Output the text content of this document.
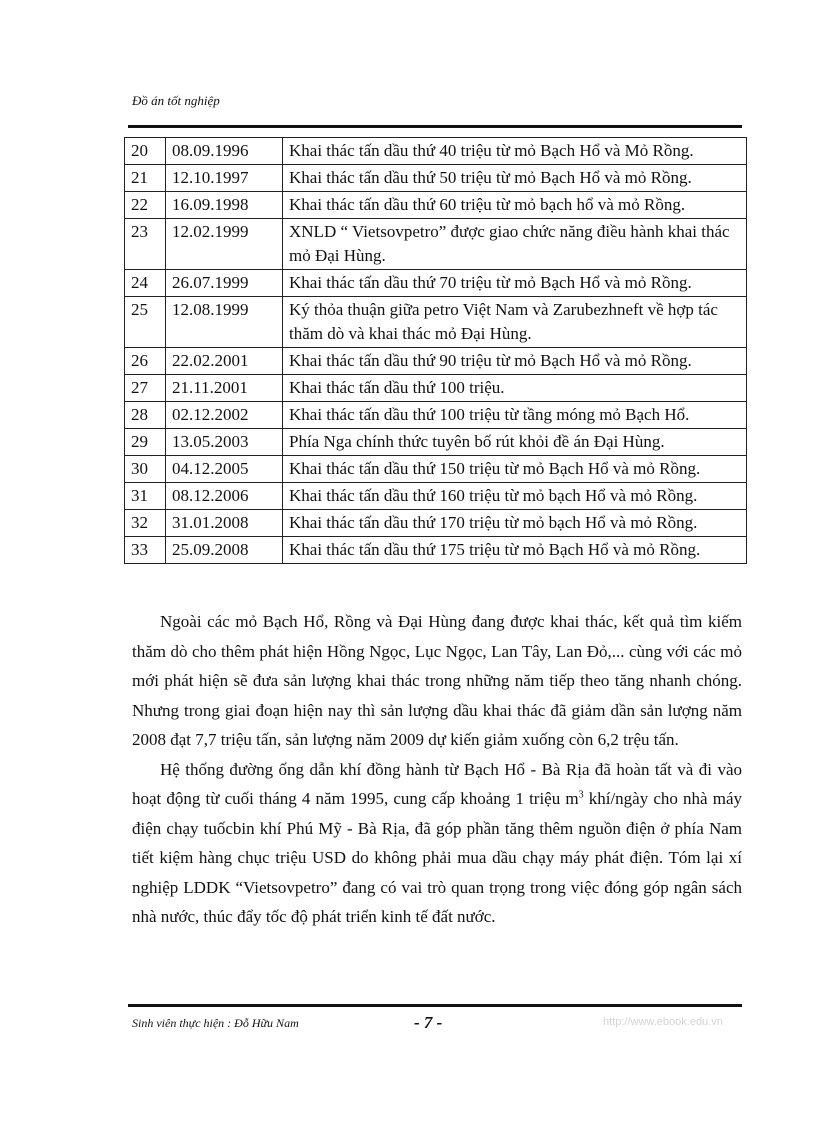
Đồ án tốt nghiệp
20	08.09.1996	Khai thác tấn dầu thứ 40 triệu từ mỏ Bạch Hổ và Mỏ Rồng.
21	12.10.1997	Khai thác tấn dầu thứ 50 triệu từ mỏ Bạch Hổ và mỏ Rồng.
22	16.09.1998	Khai thác tấn dầu thứ 60 triệu từ mỏ bạch hổ và mỏ Rồng.
23	12.02.1999	XNLD “ Vietsovpetro” được giao chức năng điều hành khai thác mỏ Đại Hùng.
24	26.07.1999	Khai thác tấn dầu thứ 70 triệu từ mỏ Bạch Hổ và mỏ Rồng.
25	12.08.1999	Ký thỏa thuận giữa petro Việt Nam và Zarubezhneft về hợp tác thăm dò và khai thác mỏ Đại Hùng.
26	22.02.2001	Khai thác tấn dầu thứ 90 triệu từ mỏ Bạch Hổ và mỏ Rồng.
27	21.11.2001	Khai thác tấn dầu thứ 100 triệu.
28	02.12.2002	Khai thác tấn dầu thứ 100 triệu từ tầng móng mỏ Bạch Hổ.
29	13.05.2003	Phía Nga chính thức tuyên bố rút khỏi đề án Đại Hùng.
30	04.12.2005	Khai thác tấn dầu thứ 150 triệu từ mỏ Bạch Hổ và mỏ Rồng.
31	08.12.2006	Khai thác tấn dầu thứ 160 triệu từ mỏ bạch Hổ và mỏ Rồng.
32	31.01.2008	Khai thác tấn dầu thứ 170 triệu từ mỏ bạch Hổ và mỏ Rồng.
33	25.09.2008	Khai thác tấn dầu thứ 175 triệu từ mỏ Bạch Hổ và mỏ Rồng.

Ngoài các mỏ Bạch Hổ, Rồng và Đại Hùng đang được khai thác, kết quả tìm kiếm thăm dò cho thêm phát hiện Hồng Ngọc, Lục Ngọc, Lan Tây, Lan Đỏ,... cùng với các mỏ mới phát hiện sẽ đưa sản lượng khai thác trong những năm tiếp theo tăng nhanh chóng. Nhưng trong giai đoạn hiện nay thì sản lượng dầu khai thác đã giảm dần sản lượng năm 2008 đạt 7,7 triệu tấn, sản lượng năm 2009 dự kiến giảm xuống còn 6,2 trệu tấn.

Hệ thống đường ống dẫn khí đồng hành từ Bạch Hổ - Bà Rịa đã hoàn tất và đi vào hoạt động từ cuối tháng 4 năm 1995, cung cấp khoảng 1 triệu $m^3$ khí/ngày cho nhà máy điện chạy tuốcbin khí Phú Mỹ - Bà Rịa, đã góp phần tăng thêm nguồn điện ở phía Nam tiết kiệm hàng chục triệu USD do không phải mua dầu chạy máy phát điện. Tóm lại xí nghiệp LDDK “Vietsovpetro” đang có vai trò quan trọng trong việc đóng góp ngân sách nhà nước, thúc đẩy tốc độ phát triển kinh tế đất nước.

Sinh viên thực hiện : Đỗ Hữu Nam	- 7 -	http://www.ebook.edu.vn
